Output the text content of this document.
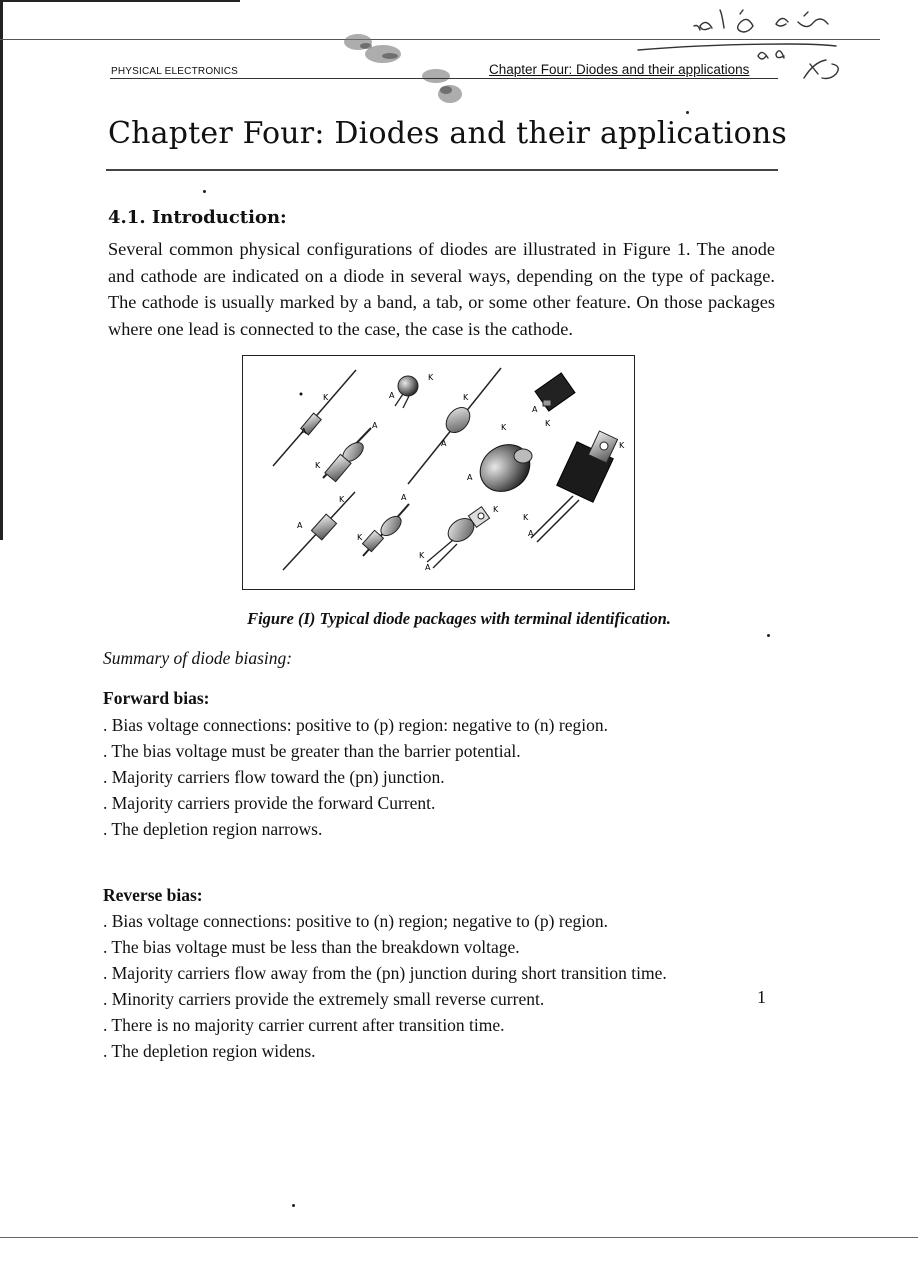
PHYSICAL ELECTRONICS	Chapter Four: Diodes and their applications
Chapter Four: Diodes and their applications
4.1. Introduction:

Several common physical configurations of diodes are illustrated in Figure 1. The anode and cathode are indicated on a diode in several ways, depending on the type of package. The cathode is usually marked by a band, a tab, or some other feature. On those packages where one lead is connected to the case, the case is the cathode.

A
K
A
K
K
A	K
A
A
K
K
A
K
K
A
K
A
A
K
K
K
A
Figure (I) Typical diode packages with terminal identification.
Summary of diode biasing:
Forward bias:
. Bias voltage connections: positive to (p) region: negative to (n) region.
. The bias voltage must be greater than the barrier potential.
. Majority carriers flow toward the (pn) junction.
. Majority carriers provide the forward Current.
. The depletion region narrows.
Reverse bias:
. Bias voltage connections: positive to (n) region; negative to (p) region.
. The bias voltage must be less than the breakdown voltage.
. Majority carriers flow away from the (pn) junction during short transition time.
. Minority carriers provide the extremely small reverse current.
. There is no majority carrier current after transition time.
. The depletion region widens.
1
